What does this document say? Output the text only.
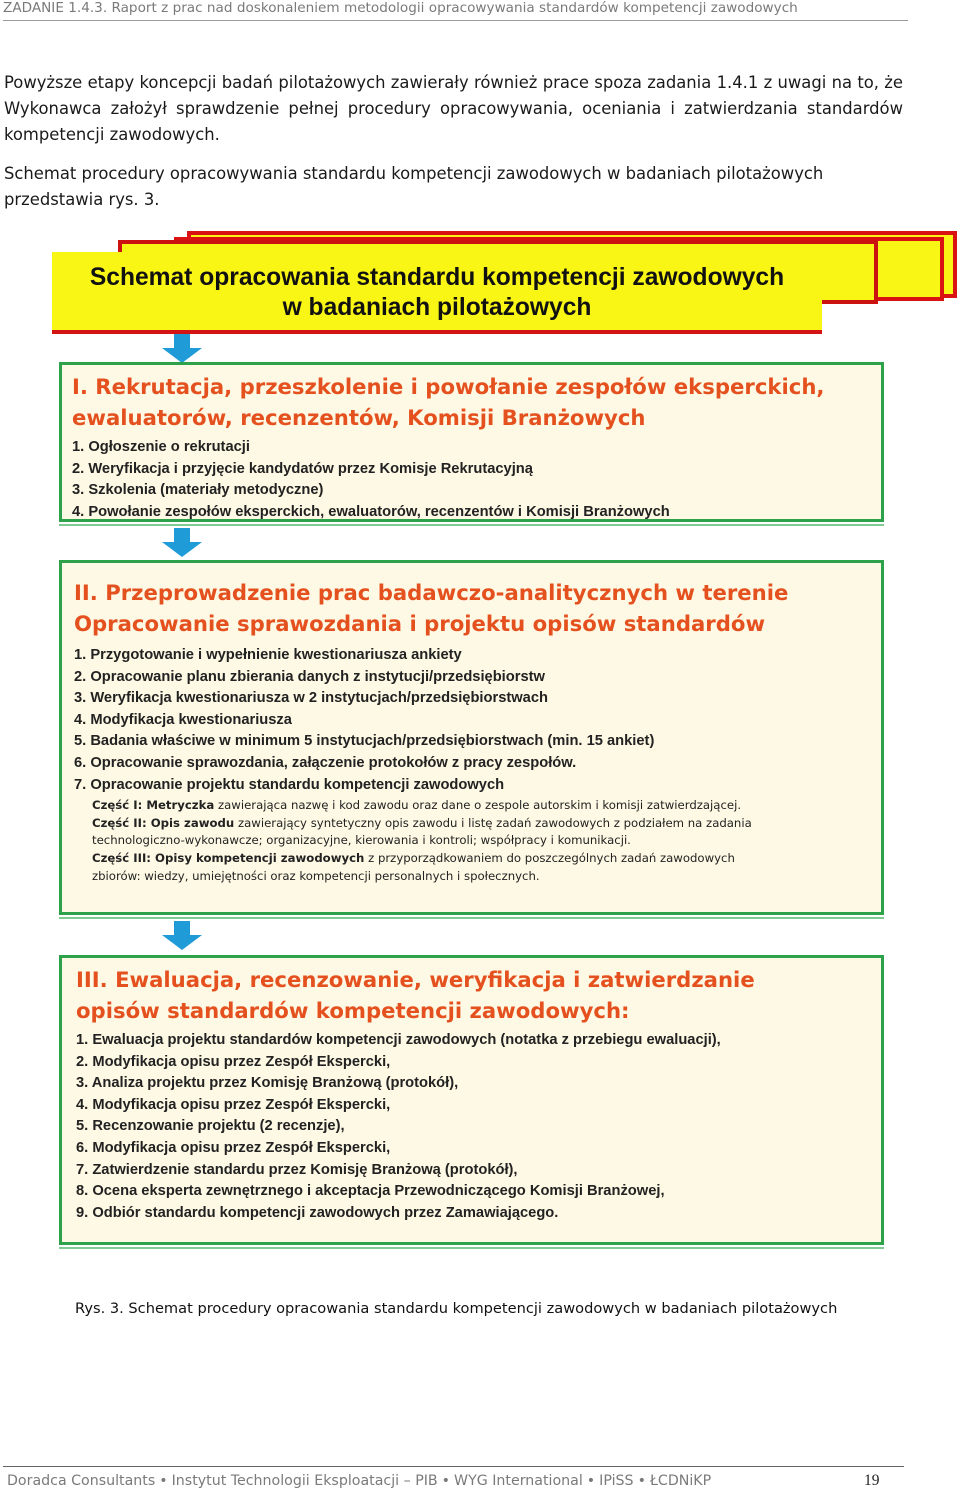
ZADANIE 1.4.3. Raport z prac nad doskonaleniem metodologii opracowywania standardów kompetencji zawodowych

Powyższe etapy koncepcji badań pilotażowych zawierały również prace spoza zadania 1.4.1 z uwagi na to, że Wykonawca założył sprawdzenie pełnej procedury opracowywania, oceniania i zatwierdzania standardów kompetencji zawodowych.

Schemat procedury opracowywania standardu kompetencji zawodowych w badaniach pilotażowych przedstawia rys. 3.

Schemat opracowania standardu kompetencji zawodowych
w badaniach pilotażowych
I. Rekrutacja, przeszkolenie i powołanie zespołów eksperckich,
ewaluatorów, recenzentów, Komisji Branżowych
1. Ogłoszenie o rekrutacji
2. Weryfikacja i przyjęcie kandydatów przez Komisje Rekrutacyjną
3. Szkolenia (materiały metodyczne)
4. Powołanie zespołów eksperckich, ewaluatorów, recenzentów i Komisji Branżowych
II. Przeprowadzenie prac badawczo-analitycznych w terenie
Opracowanie sprawozdania i projektu opisów standardów
1. Przygotowanie i wypełnienie kwestionariusza ankiety
2. Opracowanie planu zbierania danych z instytucji/przedsiębiorstw
3. Weryfikacja kwestionariusza w 2 instytucjach/przedsiębiorstwach
4. Modyfikacja kwestionariusza
5. Badania właściwe w minimum 5 instytucjach/przedsiębiorstwach (min. 15 ankiet)
6. Opracowanie sprawozdania, załączenie protokołów z pracy zespołów.
7. Opracowanie projektu standardu kompetencji zawodowych
Część I: Metryczka zawierająca nazwę i kod zawodu oraz dane o zespole autorskim i komisji zatwierdzającej.
Część II: Opis zawodu zawierający syntetyczny opis zawodu i listę zadań zawodowych z podziałem na zadania
technologiczno-wykonawcze; organizacyjne, kierowania i kontroli; współpracy i komunikacji.
Część III: Opisy kompetencji zawodowych z przyporządkowaniem do poszczególnych zadań zawodowych
zbiorów: wiedzy, umiejętności oraz kompetencji personalnych i społecznych.
III. Ewaluacja, recenzowanie, weryfikacja i zatwierdzanie
opisów standardów kompetencji zawodowych:
1. Ewaluacja projektu standardów kompetencji zawodowych (notatka z przebiegu ewaluacji),
2. Modyfikacja opisu przez Zespół Ekspercki,
3. Analiza projektu przez Komisję Branżową (protokół),
4. Modyfikacja opisu przez Zespół Ekspercki,
5. Recenzowanie projektu (2 recenzje),
6. Modyfikacja opisu przez Zespół Ekspercki,
7. Zatwierdzenie standardu przez Komisję Branżową (protokół),
8. Ocena eksperta zewnętrznego i akceptacja Przewodniczącego Komisji Branżowej,
9. Odbiór standardu kompetencji zawodowych przez Zamawiającego.
Rys. 3. Schemat procedury opracowania standardu kompetencji zawodowych w badaniach pilotażowych
Doradca Consultants • Instytut Technologii Eksploatacji – PIB • WYG International • IPiSS • ŁCDNiKP	19
